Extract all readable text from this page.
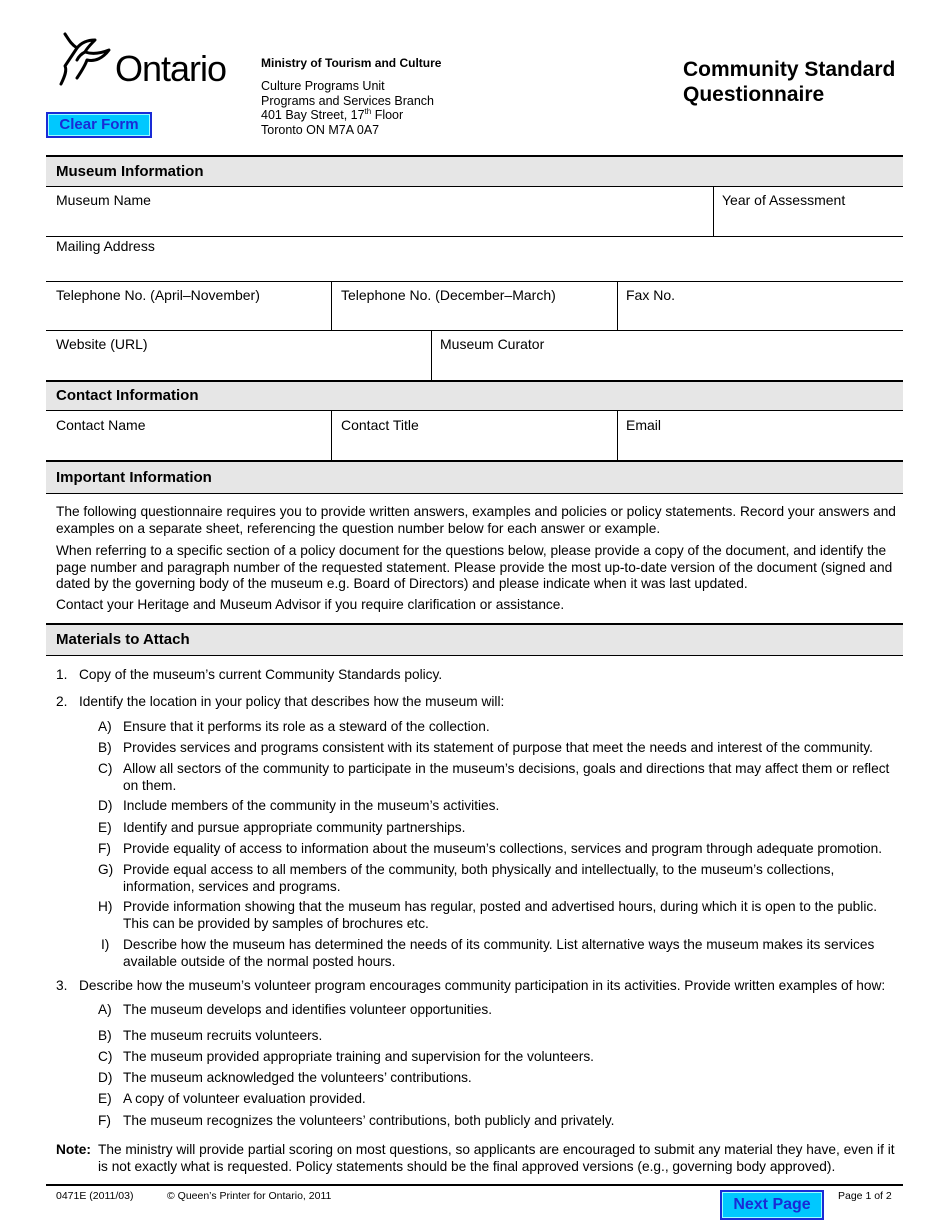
Ontario
Clear Form
Ministry of Tourism and Culture
Culture Programs Unit
Programs and Services Branch
401 Bay Street, 17th Floor
Toronto ON M7A 0A7
Community Standard
Questionnaire
Museum Information
Museum Name	Year of Assessment
Mailing Address
Telephone No. (April–November)	Telephone No. (December–March)	Fax No.
Website (URL)	Museum Curator
Contact Information
Contact Name	Contact Title	Email
Important Information
The following questionnaire requires you to provide written answers, examples and policies or policy statements. Record your answers and examples on a separate sheet, referencing the question number below for each answer or example.
When referring to a specific section of a policy document for the questions below, please provide a copy of the document, and identify the page number and paragraph number of the requested statement. Please provide the most up-to-date version of the document (signed and dated by the governing body of the museum e.g. Board of Directors) and please indicate when it was last updated.
Contact your Heritage and Museum Advisor if you require clarification or assistance.
Materials to Attach
1. Copy of the museum’s current Community Standards policy.
2. Identify the location in your policy that describes how the museum will:
A) Ensure that it performs its role as a steward of the collection.
B) Provides services and programs consistent with its statement of purpose that meet the needs and interest of the community.
C) Allow all sectors of the community to participate in the museum’s decisions, goals and directions that may affect them or reflect on them.
D) Include members of the community in the museum’s activities.
E) Identify and pursue appropriate community partnerships.
F) Provide equality of access to information about the museum’s collections, services and program through adequate promotion.
G) Provide equal access to all members of the community, both physically and intellectually, to the museum’s collections, information, services and programs.
H) Provide information showing that the museum has regular, posted and advertised hours, during which it is open to the public. This can be provided by samples of brochures etc.
I) Describe how the museum has determined the needs of its community. List alternative ways the museum makes its services available outside of the normal posted hours.
3. Describe how the museum’s volunteer program encourages community participation in its activities. Provide written examples of how:
A) The museum develops and identifies volunteer opportunities.
B) The museum recruits volunteers.
C) The museum provided appropriate training and supervision for the volunteers.
D) The museum acknowledged the volunteers’ contributions.
E) A copy of volunteer evaluation provided.
F) The museum recognizes the volunteers’ contributions, both publicly and privately.
Note: The ministry will provide partial scoring on most questions, so applicants are encouraged to submit any material they have, even if it is not exactly what is requested. Policy statements should be the final approved versions (e.g., governing body approved).
0471E (2011/03)	© Queen’s Printer for Ontario, 2011	Next Page	Page 1 of 2
